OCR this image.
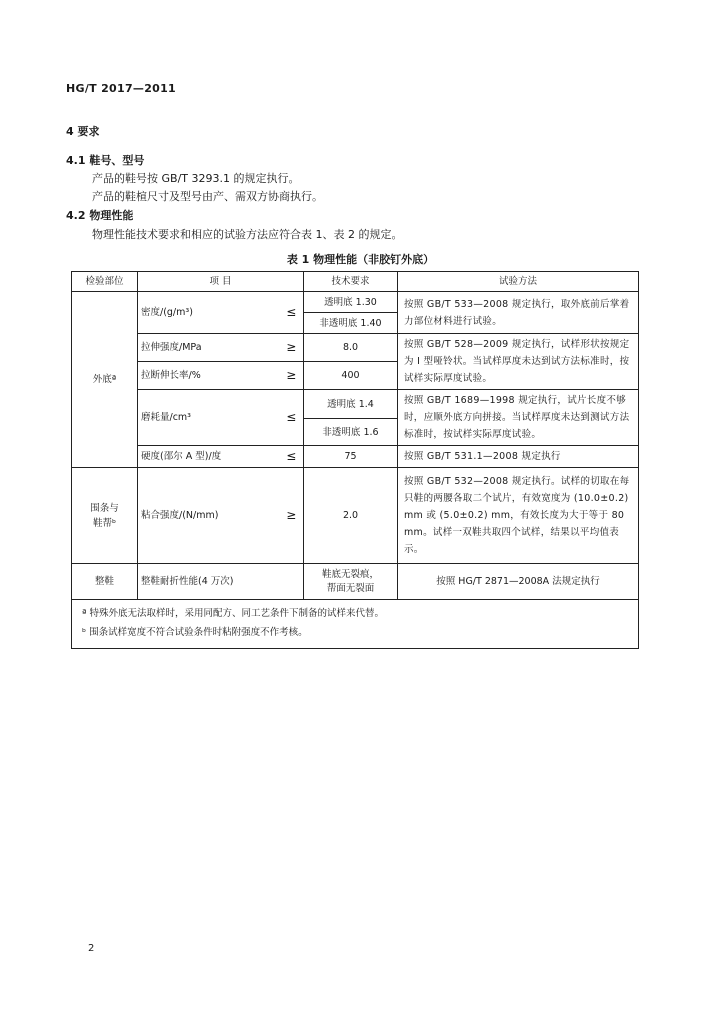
HG/T 2017—2011
4 要求
4.1 鞋号、型号
产品的鞋号按 GB/T 3293.1 的规定执行。
产品的鞋楦尺寸及型号由产、需双方协商执行。
4.2 物理性能
物理性能技术要求和相应的试验方法应符合表 1、表 2 的规定。
表 1 物理性能（非胶钉外底）
检验部位	项 目		技术要求	试验方法
外底ª	密度/(g/m³)	≤	透明底 1.30	按照 GB/T 533—2008 规定执行，取外底前后掌着力部位材料进行试验。
			非透明底 1.40	
	拉伸强度/MPa	≥	8.0	按照 GB/T 528—2009 规定执行，试样形状按规定为 I 型哑铃状。当试样厚度未达到试方法标准时，按试样实际厚度试验。
	拉断伸长率/%	≥	400	
	磨耗量/cm³	≤	透明底 1.4	按照 GB/T 1689—1998 规定执行，试片长度不够时，应顺外底方向拼接。当试样厚度未达到测试方法标准时，按试样实际厚度试验。
			非透明底 1.6	
	硬度(邵尔 A 型)/度	≤	75	按照 GB/T 531.1—2008 规定执行

围条与
鞋帮ᵇ	粘合强度/(N/mm)	≥	2.0	按照 GB/T 532—2008 规定执行。试样的切取在每只鞋的两腰各取二个试片，有效宽度为 (10.0±0.2) mm 或 (5.0±0.2) mm，有效长度为大于等于 80 mm。试样一双鞋共取四个试样，结果以平均值表示。
整鞋	整鞋耐折性能(4 万次)		鞋底无裂痕，
帮面无裂面	按照 HG/T 2871—2008A 法规定执行

ª 特殊外底无法取样时，采用同配方、同工艺条件下制备的试样来代替。
ᵇ 围条试样宽度不符合试验条件时粘附强度不作考核。				
2
